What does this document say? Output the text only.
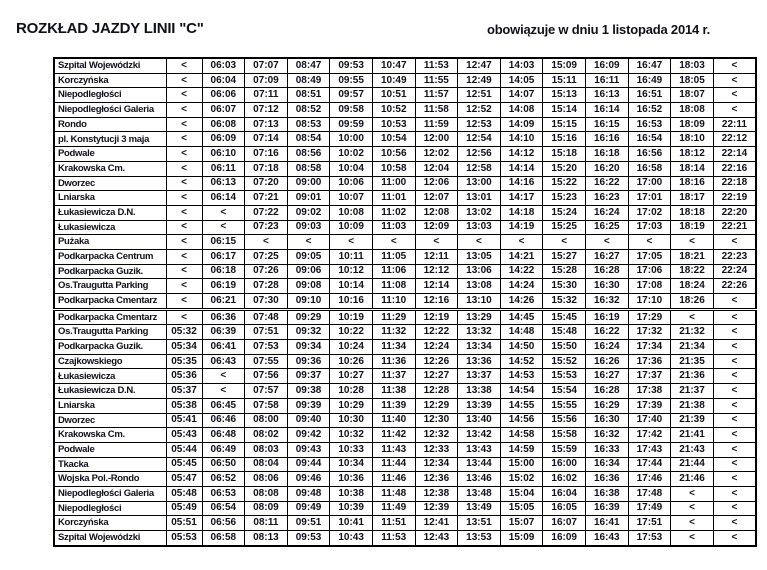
ROZKŁAD JAZDY LINII "C"	obowiązuje w dniu 1 listopada 2014 r.
Szpital Wojewódzki	<	06:03	07:07	08:47	09:53	10:47	11:53	12:47	14:03	15:09	16:09	16:47	18:03	<
Korczyńska	<	06:04	07:09	08:49	09:55	10:49	11:55	12:49	14:05	15:11	16:11	16:49	18:05	<
Niepodległości	<	06:06	07:11	08:51	09:57	10:51	11:57	12:51	14:07	15:13	16:13	16:51	18:07	<
Niepodległości Galeria	<	06:07	07:12	08:52	09:58	10:52	11:58	12:52	14:08	15:14	16:14	16:52	18:08	<
Rondo	<	06:08	07:13	08:53	09:59	10:53	11:59	12:53	14:09	15:15	16:15	16:53	18:09	22:11
pl. Konstytucji 3 maja	<	06:09	07:14	08:54	10:00	10:54	12:00	12:54	14:10	15:16	16:16	16:54	18:10	22:12
Podwale	<	06:10	07:16	08:56	10:02	10:56	12:02	12:56	14:12	15:18	16:18	16:56	18:12	22:14
Krakowska Cm.	<	06:11	07:18	08:58	10:04	10:58	12:04	12:58	14:14	15:20	16:20	16:58	18:14	22:16
Dworzec	<	06:13	07:20	09:00	10:06	11:00	12:06	13:00	14:16	15:22	16:22	17:00	18:16	22:18
Lniarska	<	06:14	07:21	09:01	10:07	11:01	12:07	13:01	14:17	15:23	16:23	17:01	18:17	22:19
Łukasiewicza D.N.	<	<	07:22	09:02	10:08	11:02	12:08	13:02	14:18	15:24	16:24	17:02	18:18	22:20
Łukasiewicza	<	<	07:23	09:03	10:09	11:03	12:09	13:03	14:19	15:25	16:25	17:03	18:19	22:21
Pużaka	<	06:15	<	<	<	<	<	<	<	<	<	<	<	<
Podkarpacka Centrum	<	06:17	07:25	09:05	10:11	11:05	12:11	13:05	14:21	15:27	16:27	17:05	18:21	22:23
Podkarpacka Guzik.	<	06:18	07:26	09:06	10:12	11:06	12:12	13:06	14:22	15:28	16:28	17:06	18:22	22:24
Os.Traugutta Parking	<	06:19	07:28	09:08	10:14	11:08	12:14	13:08	14:24	15:30	16:30	17:08	18:24	22:26
Podkarpacka Cmentarz	<	06:21	07:30	09:10	10:16	11:10	12:16	13:10	14:26	15:32	16:32	17:10	18:26	<
Podkarpacka Cmentarz	<	06:36	07:48	09:29	10:19	11:29	12:19	13:29	14:45	15:45	16:19	17:29	<	<
Os.Traugutta Parking	05:32	06:39	07:51	09:32	10:22	11:32	12:22	13:32	14:48	15:48	16:22	17:32	21:32	<
Podkarpacka Guzik.	05:34	06:41	07:53	09:34	10:24	11:34	12:24	13:34	14:50	15:50	16:24	17:34	21:34	<
Czajkowskiego	05:35	06:43	07:55	09:36	10:26	11:36	12:26	13:36	14:52	15:52	16:26	17:36	21:35	<
Łukasiewicza	05:36	<	07:56	09:37	10:27	11:37	12:27	13:37	14:53	15:53	16:27	17:37	21:36	<
Łukasiewicza D.N.	05:37	<	07:57	09:38	10:28	11:38	12:28	13:38	14:54	15:54	16:28	17:38	21:37	<
Lniarska	05:38	06:45	07:58	09:39	10:29	11:39	12:29	13:39	14:55	15:55	16:29	17:39	21:38	<
Dworzec	05:41	06:46	08:00	09:40	10:30	11:40	12:30	13:40	14:56	15:56	16:30	17:40	21:39	<
Krakowska Cm.	05:43	06:48	08:02	09:42	10:32	11:42	12:32	13:42	14:58	15:58	16:32	17:42	21:41	<
Podwale	05:44	06:49	08:03	09:43	10:33	11:43	12:33	13:43	14:59	15:59	16:33	17:43	21:43	<
Tkacka	05:45	06:50	08:04	09:44	10:34	11:44	12:34	13:44	15:00	16:00	16:34	17:44	21:44	<
Wojska Pol.-Rondo	05:47	06:52	08:06	09:46	10:36	11:46	12:36	13:46	15:02	16:02	16:36	17:46	21:46	<
Niepodległości Galeria	05:48	06:53	08:08	09:48	10:38	11:48	12:38	13:48	15:04	16:04	16:38	17:48	<	<
Niepodległości	05:49	06:54	08:09	09:49	10:39	11:49	12:39	13:49	15:05	16:05	16:39	17:49	<	<
Korczyńska	05:51	06:56	08:11	09:51	10:41	11:51	12:41	13:51	15:07	16:07	16:41	17:51	<	<
Szpital Wojewódzki	05:53	06:58	08:13	09:53	10:43	11:53	12:43	13:53	15:09	16:09	16:43	17:53	<	<
